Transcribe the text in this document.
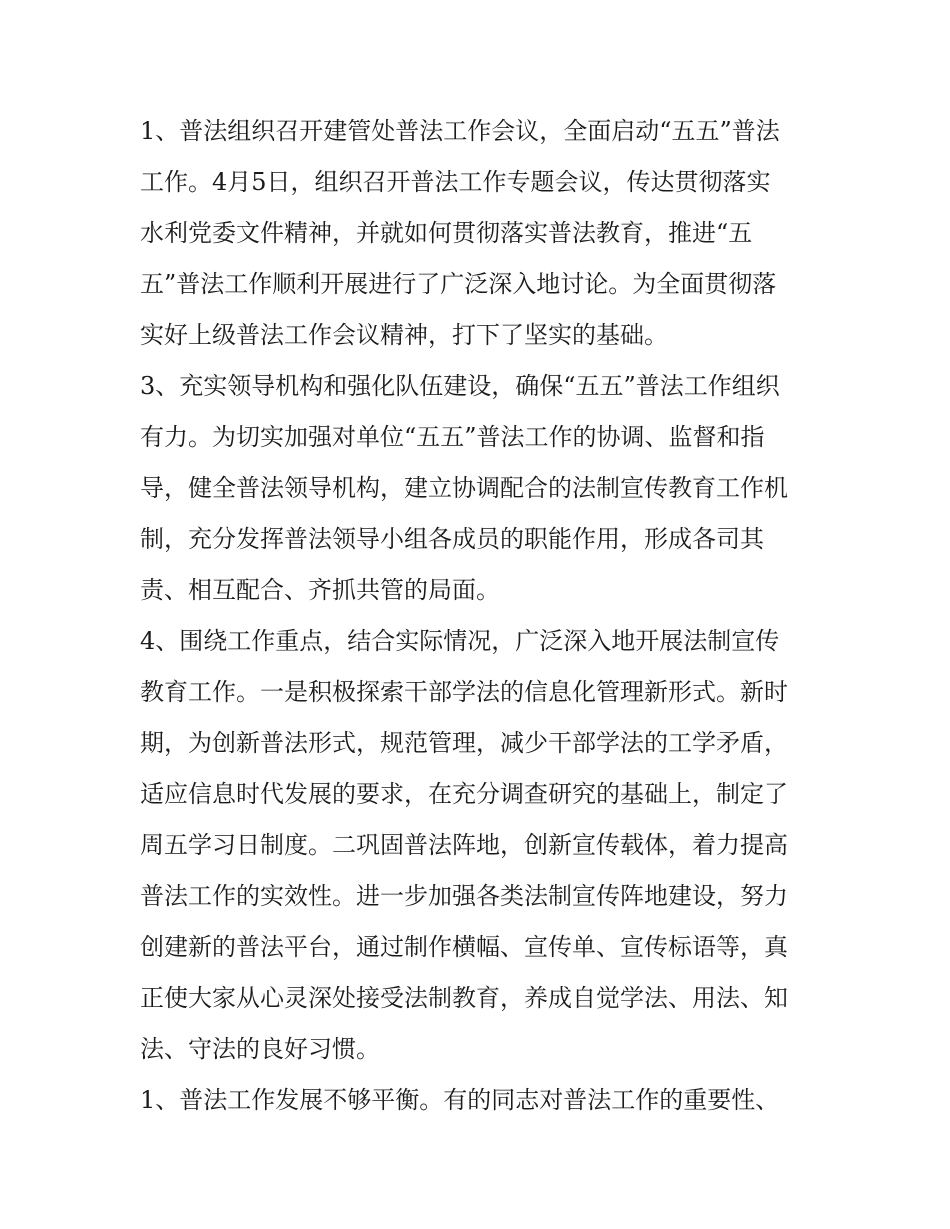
1、普法组织召开建管处普法工作会议，全面启动“五五”普法
工作。4月5日，组织召开普法工作专题会议，传达贯彻落实
水利党委文件精神，并就如何贯彻落实普法教育，推进“五
五”普法工作顺利开展进行了广泛深入地讨论。为全面贯彻落
实好上级普法工作会议精神，打下了坚实的基础。
3、充实领导机构和强化队伍建设，确保“五五”普法工作组织
有力。为切实加强对单位“五五”普法工作的协调、监督和指
导，健全普法领导机构，建立协调配合的法制宣传教育工作机
制，充分发挥普法领导小组各成员的职能作用，形成各司其
责、相互配合、齐抓共管的局面。
4、围绕工作重点，结合实际情况，广泛深入地开展法制宣传
教育工作。一是积极探索干部学法的信息化管理新形式。新时
期，为创新普法形式，规范管理，减少干部学法的工学矛盾，
适应信息时代发展的要求，在充分调查研究的基础上，制定了
周五学习日制度。二巩固普法阵地，创新宣传载体，着力提高
普法工作的实效性。进一步加强各类法制宣传阵地建设，努力
创建新的普法平台，通过制作横幅、宣传单、宣传标语等，真
正使大家从心灵深处接受法制教育，养成自觉学法、用法、知
法、守法的良好习惯。
1、普法工作发展不够平衡。有的同志对普法工作的重要性、
